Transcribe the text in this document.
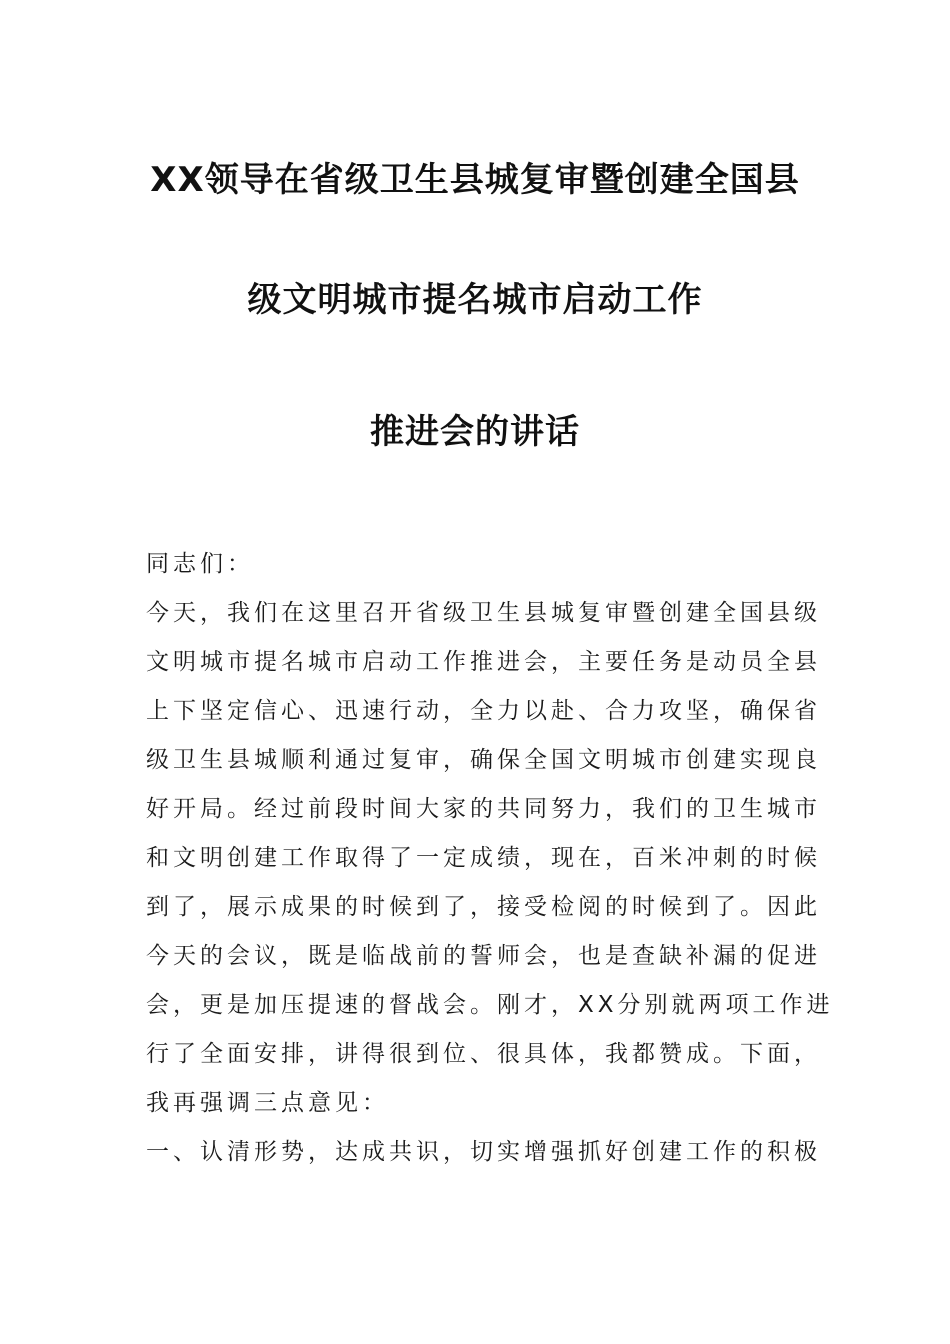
XX领导在省级卫生县城复审暨创建全国县
级文明城市提名城市启动工作
推进会的讲话
同志们：
今天，我们在这里召开省级卫生县城复审暨创建全国县级
文明城市提名城市启动工作推进会，主要任务是动员全县
上下坚定信心、迅速行动，全力以赴、合力攻坚，确保省
级卫生县城顺利通过复审，确保全国文明城市创建实现良
好开局。经过前段时间大家的共同努力，我们的卫生城市
和文明创建工作取得了一定成绩，现在，百米冲刺的时候
到了，展示成果的时候到了，接受检阅的时候到了。因此
今天的会议，既是临战前的誓师会，也是查缺补漏的促进
会，更是加压提速的督战会。刚才，XX分别就两项工作进
行了全面安排，讲得很到位、很具体，我都赞成。下面，
我再强调三点意见：
一、认清形势，达成共识，切实增强抓好创建工作的积极
